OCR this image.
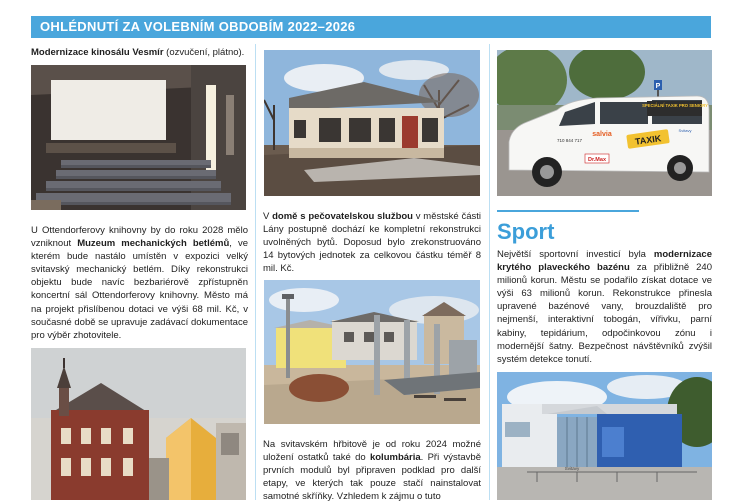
OHLÉDNUTÍ ZA VOLEBNÍM OBDOBÍM 2022–2026
Modernizace kinosálu Vesmír (ozvučení, plátno).
U Ottendorferovy knihovny by do roku 2028 mělo vzniknout Muzeum mechanických betlémů, ve kterém bude nastálo umístěn v expozici velký svitavský mechanický betlém. Díky rekonstrukci objektu bude navíc bezbariérově zpřístupněn koncertní sál Ottendorferovy knihovny. Město má na projekt přislíbenou dotaci ve výši 68 mil. Kč, v současné době se upravuje zadávací dokumentace pro výběr zhotovitele.
V domě s pečovatelskou službou v městské části Lány postupně dochází ke kompletní rekonstrukci uvolněných bytů. Doposud bylo zrekonstruováno 14 bytových jednotek za celkovou částku téměř 8 mil. Kč.
Na svitavském hřbitově je od roku 2024 možné uložení ostatků také do kolumbária. Při výstavbě prvních modulů byl připraven podklad pro další etapy, ve kterých tak pouze stačí nainstalovat samotné skříňky. Vzhledem k zájmu o tuto
P
SPECIÁLNÍ TAXIK PRO SENIORY
TAXIK
salvia
710 844 717
Dr.Max
Svitavy
Sport
Největší sportovní investicí byla modernizace krytého plaveckého bazénu za přibližně 240 milionů korun. Městu se podařilo získat dotace ve výši 63 milionů korun. Rekonstrukce přinesla upravené bazénové vany, brouzdaliště pro nejmenší, interaktivní tobogán, vířivku, parní kabiny, tepidárium, odpočinkovou zónu i modernější šatny. Bezpečnost návštěvníků zvýšil systém detekce tonutí.
Svitavy
